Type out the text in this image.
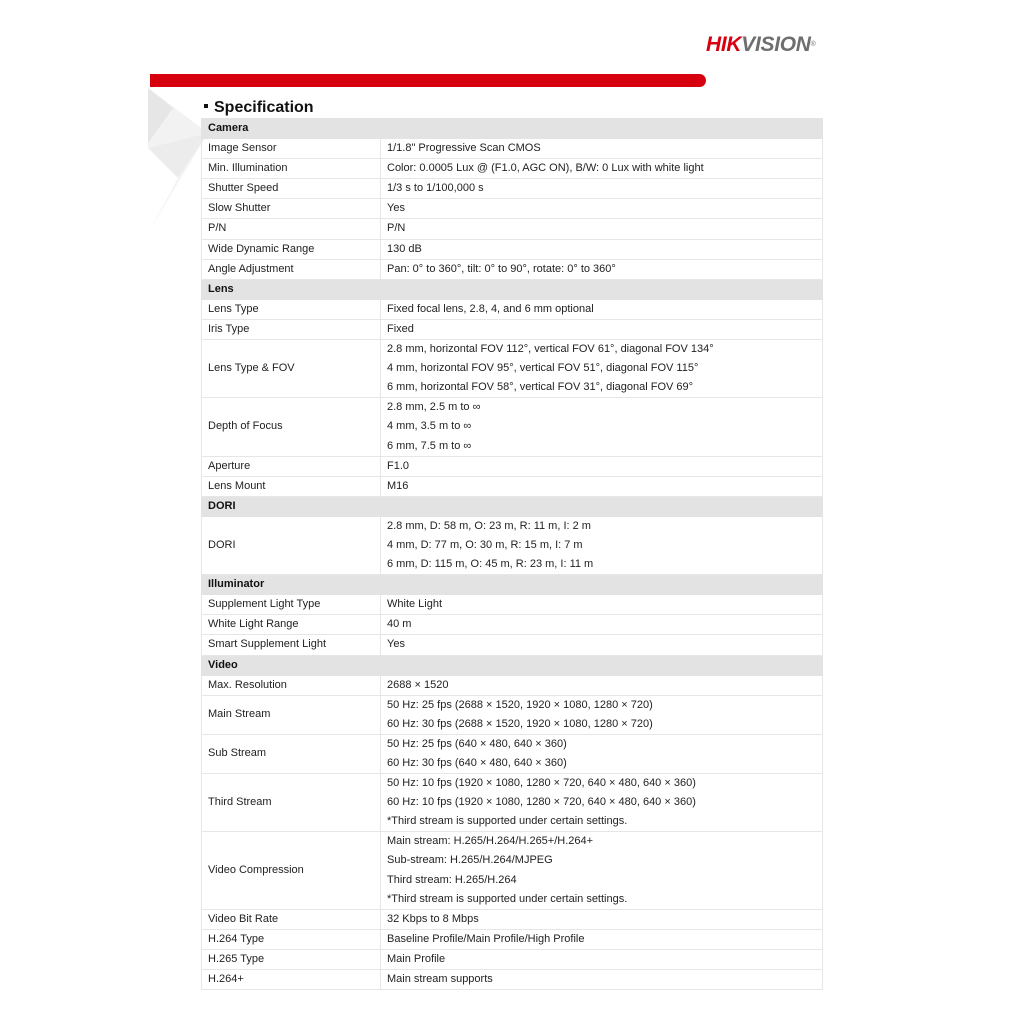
HIKVISION®
Specification
Camera	
Image Sensor	1/1.8" Progressive Scan CMOS

Min. Illumination	Color: 0.0005 Lux @ (F1.0, AGC ON), B/W: 0 Lux with white light

Shutter Speed	1/3 s to 1/100,000 s

Slow Shutter	Yes

P/N	P/N

Wide Dynamic Range	130 dB

Angle Adjustment	Pan: 0° to 360°, tilt: 0° to 90°, rotate: 0° to 360°

Lens	
Lens Type	Fixed focal lens, 2.8, 4, and 6 mm optional

Iris Type	Fixed

Lens Type & FOV	2.8 mm, horizontal FOV 112°, vertical FOV 61°, diagonal FOV 134°
4 mm, horizontal FOV 95°, vertical FOV 51°, diagonal FOV 115°
6 mm, horizontal FOV 58°, vertical FOV 31°, diagonal FOV 69°

Depth of Focus	2.8 mm, 2.5 m to ∞
4 mm, 3.5 m to ∞
6 mm, 7.5 m to ∞

Aperture	F1.0

Lens Mount	M16

DORI	
DORI	2.8 mm, D: 58 m, O: 23 m, R: 11 m, I: 2 m
4 mm, D: 77 m, O: 30 m, R: 15 m, I: 7 m
6 mm, D: 115 m, O: 45 m, R: 23 m, I: 11 m

Illuminator	
Supplement Light Type	White Light

White Light Range	40 m

Smart Supplement Light	Yes

Video	
Max. Resolution	2688 × 1520

Main Stream	50 Hz: 25 fps (2688 × 1520, 1920 × 1080, 1280 × 720)
60 Hz: 30 fps (2688 × 1520, 1920 × 1080, 1280 × 720)

Sub Stream	50 Hz: 25 fps (640 × 480, 640 × 360)
60 Hz: 30 fps (640 × 480, 640 × 360)

Third Stream	50 Hz: 10 fps (1920 × 1080, 1280 × 720, 640 × 480, 640 × 360)
60 Hz: 10 fps (1920 × 1080, 1280 × 720, 640 × 480, 640 × 360)
*Third stream is supported under certain settings.

Video Compression	Main stream: H.265/H.264/H.265+/H.264+
Sub-stream: H.265/H.264/MJPEG
Third stream: H.265/H.264
*Third stream is supported under certain settings.

Video Bit Rate	32 Kbps to 8 Mbps

H.264 Type	Baseline Profile/Main Profile/High Profile

H.265 Type	Main Profile

H.264+	Main stream supports
